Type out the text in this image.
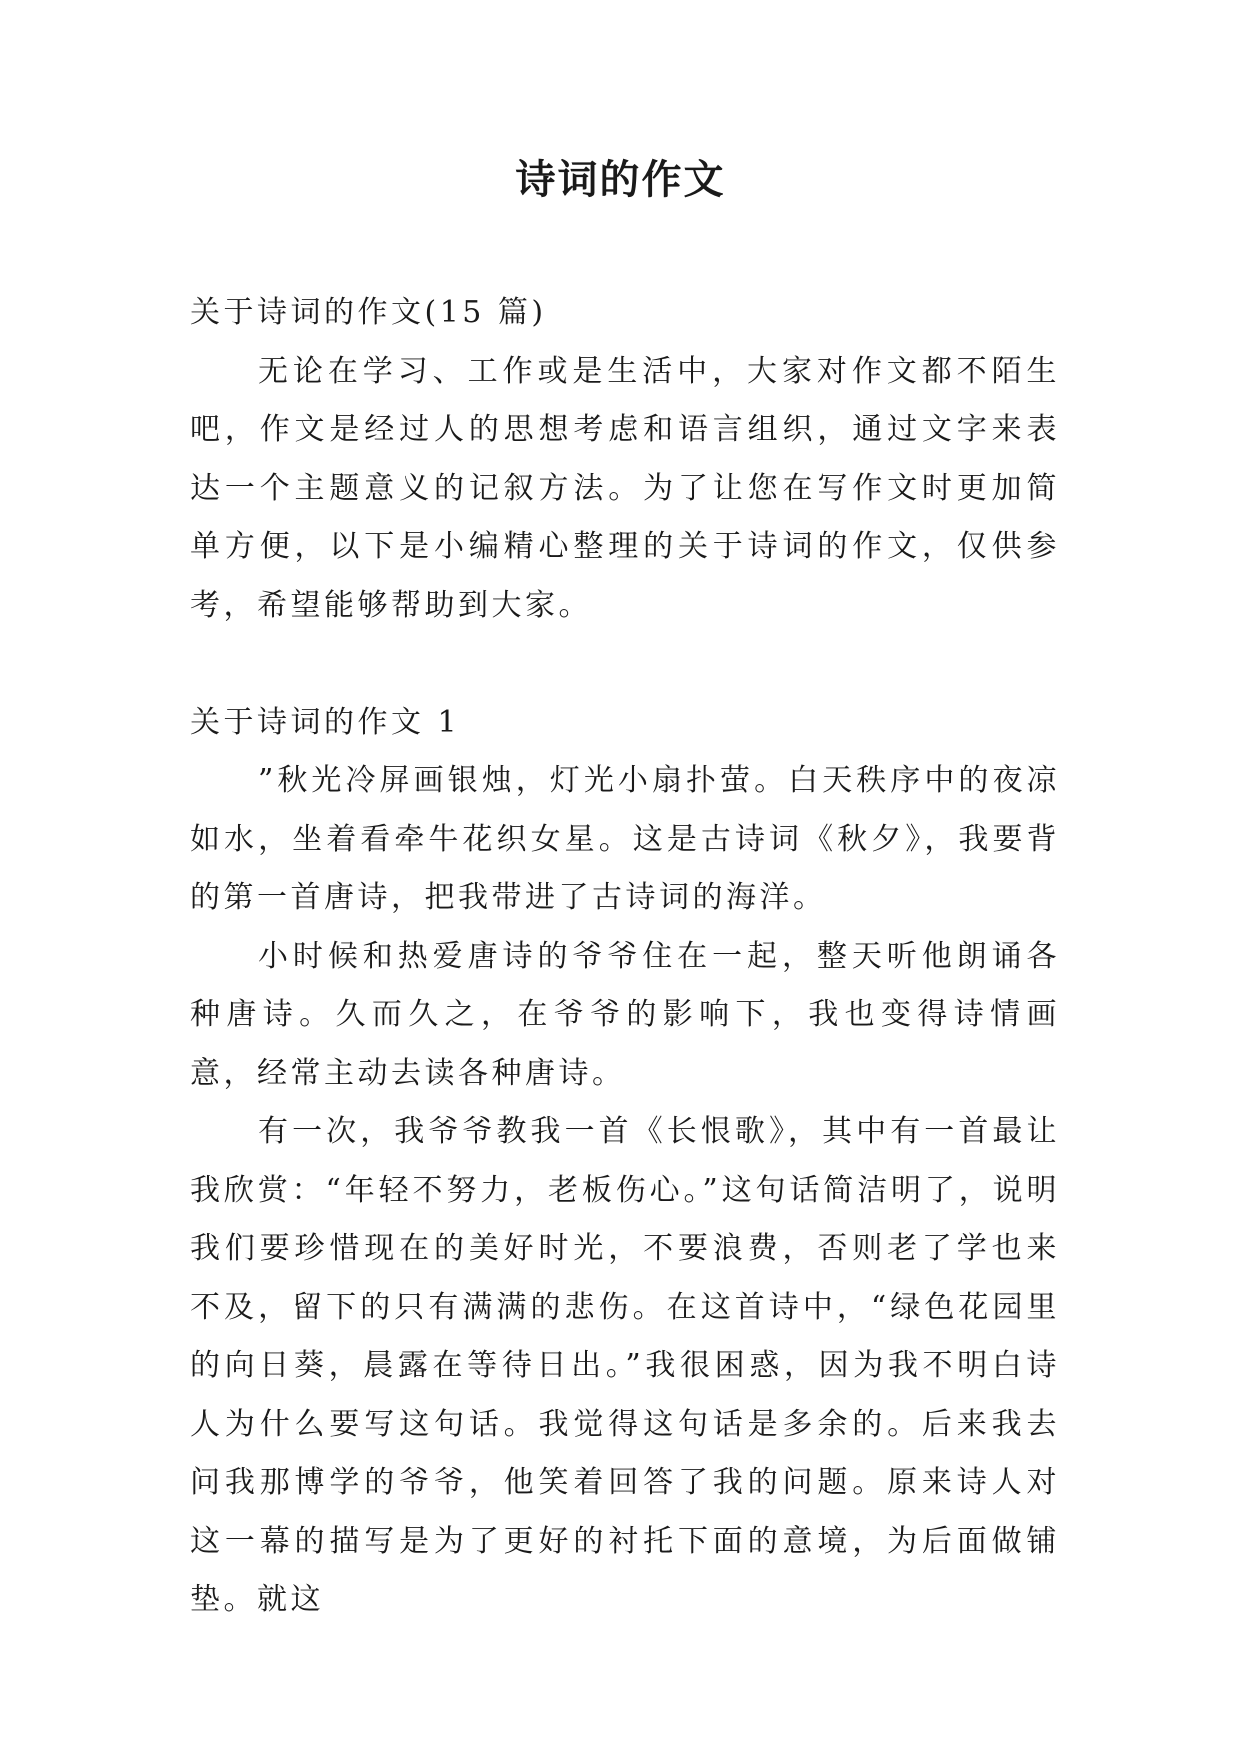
诗词的作文

关于诗词的作文(15 篇)

无论在学习、工作或是生活中，大家对作文都不陌生吧，作文是经过人的思想考虑和语言组织，通过文字来表达一个主题意义的记叙方法。为了让您在写作文时更加简单方便，以下是小编精心整理的关于诗词的作文，仅供参考，希望能够帮助到大家。

关于诗词的作文 1

”秋光冷屏画银烛，灯光小扇扑萤。白天秩序中的夜凉如水，坐着看牵牛花织女星。这是古诗词《秋夕》，我要背的第一首唐诗，把我带进了古诗词的海洋。

小时候和热爱唐诗的爷爷住在一起，整天听他朗诵各种唐诗。久而久之，在爷爷的影响下，我也变得诗情画意，经常主动去读各种唐诗。

有一次，我爷爷教我一首《长恨歌》，其中有一首最让我欣赏：“年轻不努力，老板伤心。”这句话简洁明了，说明我们要珍惜现在的美好时光，不要浪费，否则老了学也来不及，留下的只有满满的悲伤。在这首诗中，“绿色花园里的向日葵，晨露在等待日出。”我很困惑，因为我不明白诗人为什么要写这句话。我觉得这句话是多余的。后来我去问我那博学的爷爷，他笑着回答了我的问题。原来诗人对这一幕的描写是为了更好的衬托下面的意境，为后面做铺垫。就这
